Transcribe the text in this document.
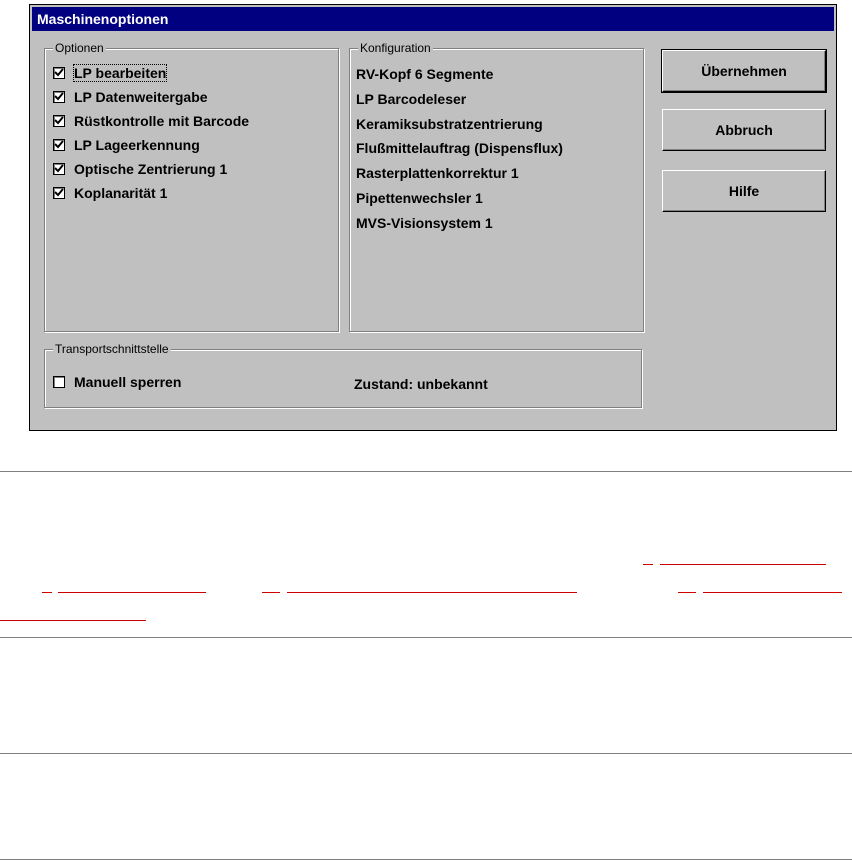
Maschinenoptionen
Optionen
LP bearbeiten
LP Datenweitergabe
Rüstkontrolle mit Barcode
LP Lageerkennung
Optische Zentrierung 1
Koplanarität 1
Konfiguration
RV-Kopf 6 Segmente
LP Barcodeleser
Keramiksubstratzentrierung
Flußmittelauftrag (Dispensflux)
Rasterplattenkorrektur 1
Pipettenwechsler 1
MVS-Visionsystem 1
Transportschnittstelle
Manuell sperren	Zustand: unbekannt
Übernehmen
Abbruch
Hilfe
